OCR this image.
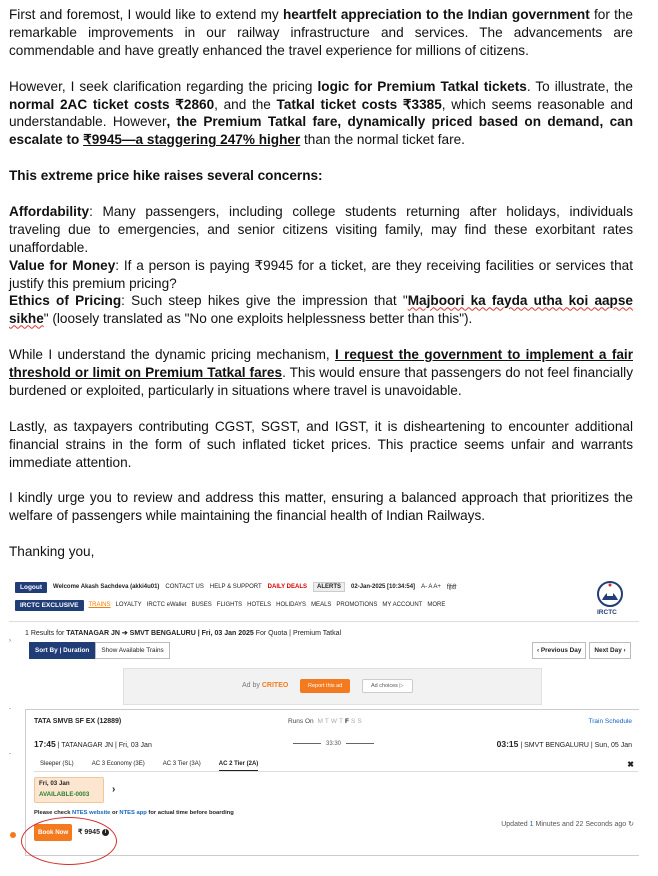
First and foremost, I would like to extend my heartfelt appreciation to the Indian government for the remarkable improvements in our railway infrastructure and services. The advancements are commendable and have greatly enhanced the travel experience for millions of citizens.

However, I seek clarification regarding the pricing logic for Premium Tatkal tickets. To illustrate, the normal 2AC ticket costs ₹2860, and the Tatkal ticket costs ₹3385, which seems reasonable and understandable. However, the Premium Tatkal fare, dynamically priced based on demand, can escalate to ₹9945—a staggering 247% higher than the normal ticket fare.

This extreme price hike raises several concerns:

Affordability: Many passengers, including college students returning after holidays, individuals traveling due to emergencies, and senior citizens visiting family, may find these exorbitant rates unaffordable.

Value for Money: If a person is paying ₹9945 for a ticket, are they receiving facilities or services that justify this premium pricing?

Ethics of Pricing: Such steep hikes give the impression that "Majboori ka fayda utha koi aapse sikhe" (loosely translated as "No one exploits helplessness better than this").

While I understand the dynamic pricing mechanism, I request the government to implement a fair threshold or limit on Premium Tatkal fares. This would ensure that passengers do not feel financially burdened or exploited, particularly in situations where travel is unavoidable.

Lastly, as taxpayers contributing CGST, SGST, and IGST, it is disheartening to encounter additional financial strains in the form of such inflated ticket prices. This practice seems unfair and warrants immediate attention.

I kindly urge you to review and address this matter, ensuring a balanced approach that prioritizes the welfare of passengers while maintaining the financial health of Indian Railways.

Thanking you,

Logout	Welcome Akash Sachdeva (akki4u01) CONTACT US HELP & SUPPORT DAILY DEALS	ALERTS	02-Jan-2025 [10:34:54] A- A A+ हिंदी
IRCTC EXCLUSIVE	TRAINS LOYALTY IRCTC eWallet BUSES FLIGHTS HOTELS HOLIDAYS MEALS PROMOTIONS MY ACCOUNT MORE
IRCTC
1 Results for TATANAGAR JN ➔ SMVT BENGALURU | Fri, 03 Jan 2025 For Quota | Premium Tatkal
Sort By | Duration	Show Available Trains	‹ Previous Day	Next Day ›
Ad by CRITEO	Report this ad	Ad choices ▷
TATA SMVB SF EX (12889)	Runs On M T W T F S S	Train Schedule
17:45 | TATANAGAR JN | Fri, 03 Jan	33:30	03:15 | SMVT BENGALURU | Sun, 05 Jan
Sleeper (SL)	AC 3 Economy (3E)	AC 3 Tier (3A)	AC 2 Tier (2A)	✖
Fri, 03 Jan
AVAILABLE-0003	›
Please check NTES website or NTES app for actual time before boarding
Book Now	₹ 9945 i
Updated 1 Minutes and 22 Seconds ago ↻
›
-
-
